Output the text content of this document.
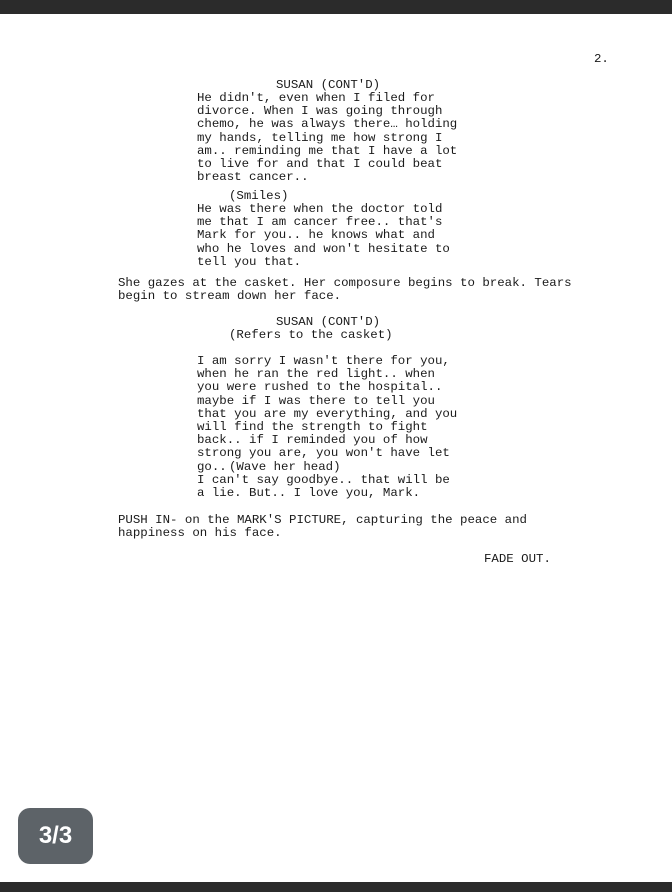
2.
SUSAN (CONT'D)
He didn't, even when I filed for
divorce. When I was going through
chemo, he was always there… holding
my hands, telling me how strong I
am.. reminding me that I have a lot
to live for and that I could beat
breast cancer..
(Smiles)
He was there when the doctor told
me that I am cancer free.. that's
Mark for you.. he knows what and
who he loves and won't hesitate to
tell you that.
She gazes at the casket. Her composure begins to break. Tears
begin to stream down her face.
SUSAN (CONT'D)
(Refers to the casket)
I am sorry I wasn't there for you,
when he ran the red light.. when
you were rushed to the hospital..
maybe if I was there to tell you
that you are my everything, and you
will find the strength to fight
back.. if I reminded you of how
strong you are, you won't have let
go.. (Wave her head)
I can't say goodbye.. that will be
a lie. But.. I love you, Mark.
PUSH IN- on the MARK'S PICTURE, capturing the peace and
happiness on his face.
FADE OUT.
3/3
